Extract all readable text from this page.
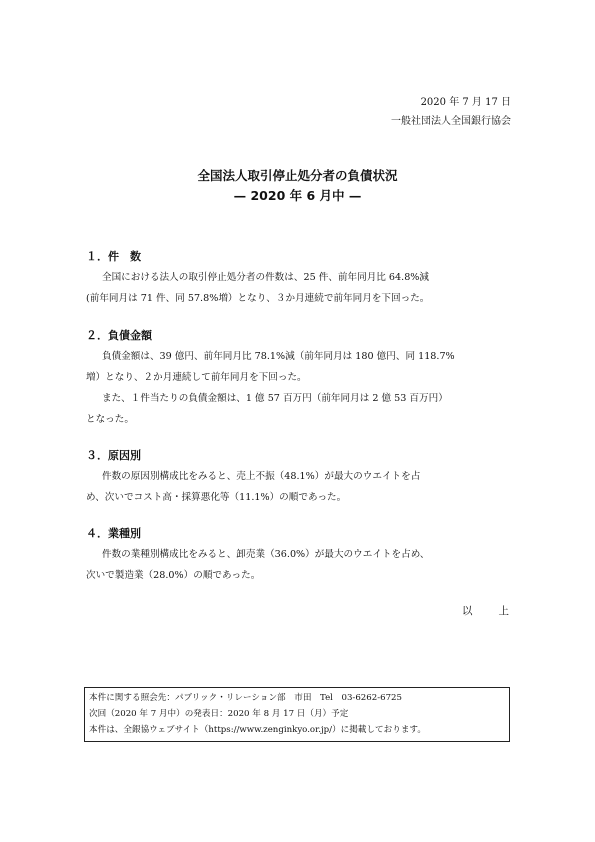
2020 年 7 月 17 日
一般社団法人全国銀行協会
全国法人取引停止処分者の負債状況
— 2020 年 6 月中 —
１．件　数
全国における法人の取引停止処分者の件数は、25 件、前年同月比 64.8%減
(前年同月は 71 件、同 57.8%増）となり、３か月連続で前年同月を下回った。
２．負債金額
負債金額は、39 億円、前年同月比 78.1%減（前年同月は 180 億円、同 118.7%
増）となり、２か月連続して前年同月を下回った。
また、１件当たりの負債金額は、1 億 57 百万円（前年同月は 2 億 53 百万円）
となった。
３．原因別
件数の原因別構成比をみると、売上不振（48.1%）が最大のウエイトを占
め、次いでコスト高・採算悪化等（11.1%）の順であった。
４．業種別
件数の業種別構成比をみると、卸売業（36.0%）が最大のウエイトを占め、
次いで製造業（28.0%）の順であった。
以上
本件に関する照会先：パブリック・リレーション部　市田　Tel　03-6262-6725
次回（2020 年 7 月中）の発表日：2020 年 8 月 17 日（月）予定
本件は、全銀協ウェブサイト（https://www.zenginkyo.or.jp/）に掲載しております。
